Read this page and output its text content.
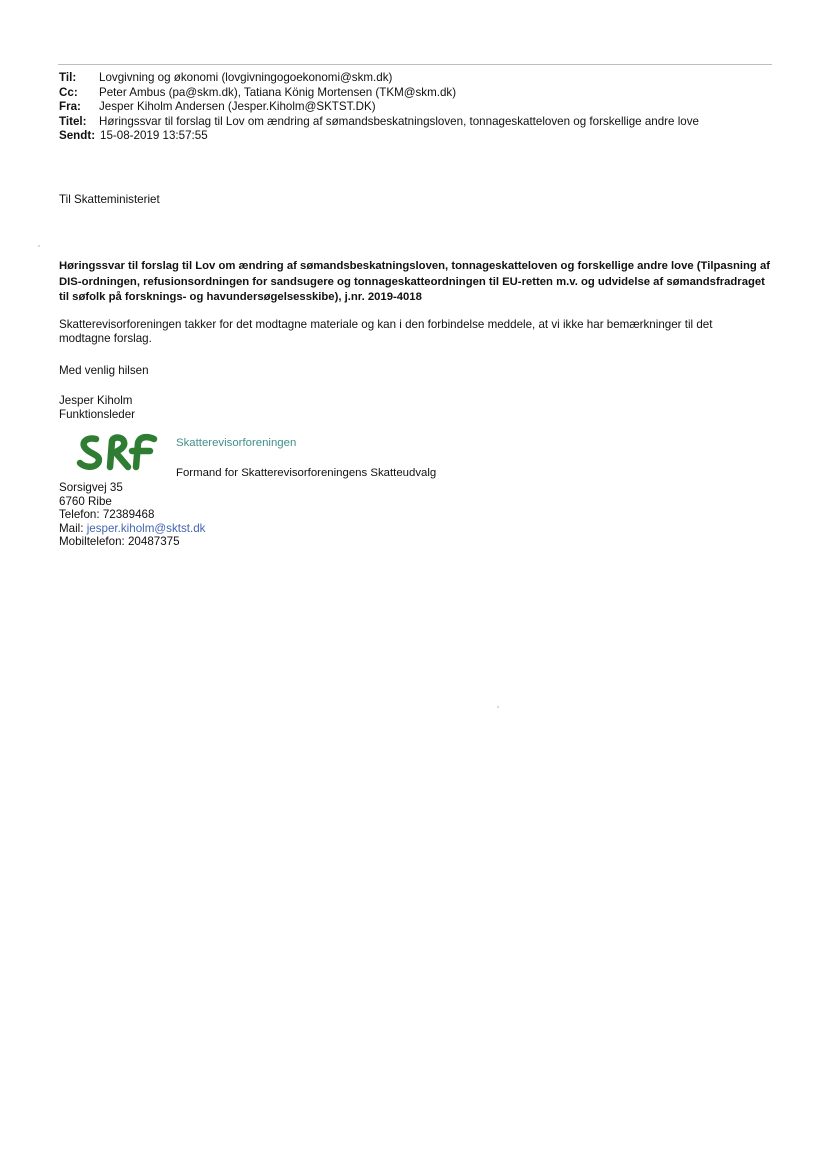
Til:	Lovgivning og økonomi (lovgivningogoekonomi@skm.dk)
Cc:	Peter Ambus (pa@skm.dk), Tatiana König Mortensen (TKM@skm.dk)
Fra:	Jesper Kiholm Andersen (Jesper.Kiholm@SKTST.DK)
Titel:	Høringssvar til forslag til Lov om ændring af sømandsbeskatningsloven, tonnageskatteloven og forskellige andre love
Sendt: 15-08-2019 13:57:55
Til Skatteministeriet
Høringssvar til forslag til Lov om ændring af sømandsbeskatningsloven, tonnageskatteloven og forskellige andre love (Tilpasning af DIS-ordningen, refusionsordningen for sandsugere og tonnageskatteordningen til EU-retten m.v. og udvidelse af sømandsfradraget til søfolk på forsknings- og havundersøgelsesskibe), j.nr. 2019-4018
Skatterevisorforeningen takker for det modtagne materiale og kan i den forbindelse meddele, at vi ikke har bemærkninger til det modtagne forslag.
Med venlig hilsen
Jesper Kiholm
Funktionsleder
Skatterevisorforeningen
Formand for Skatterevisorforeningens Skatteudvalg
Sorsigvej 35
6760 Ribe
Telefon: 72389468
Mail: jesper.kiholm@sktst.dk
Mobiltelefon: 20487375
